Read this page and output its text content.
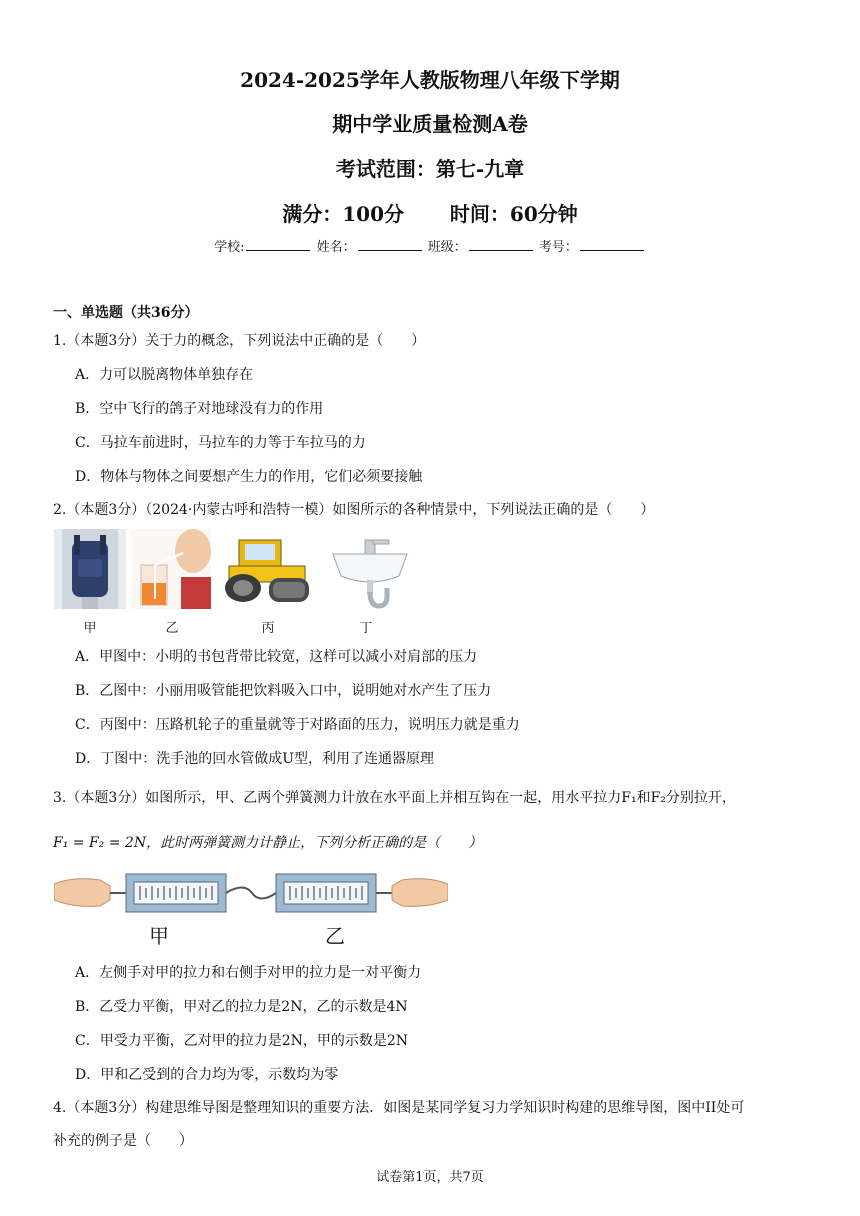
2024-2025学年人教版物理八年级下学期
期中学业质量检测A卷
考试范围：第七-九章
满分：100分 时间：60分钟
学校:	姓名：	班级：	考号：
一、单选题（共36分）
1.（本题3分）关于力的概念，下列说法中正确的是（　　）
A．力可以脱离物体单独存在
B．空中飞行的鸽子对地球没有力的作用
C．马拉车前进时，马拉车的力等于车拉马的力
D．物体与物体之间要想产生力的作用，它们必须要接触
2.（本题3分）（2024·内蒙古呼和浩特一模）如图所示的各种情景中，下列说法正确的是（　　）
甲	乙	丙	丁
A．甲图中：小明的书包背带比较宽，这样可以减小对肩部的压力
B．乙图中：小丽用吸管能把饮料吸入口中，说明她对水产生了压力
C．丙图中：压路机轮子的重量就等于对路面的压力，说明压力就是重力
D．丁图中：洗手池的回水管做成U型，利用了连通器原理
3.（本题3分）如图所示，甲、乙两个弹簧测力计放在水平面上并相互钩在一起，用水平拉力F₁和F₂分别拉开，
F₁ = F₂ = 2N，此时两弹簧测力计静止，下列分析正确的是（　　）
甲	乙
A．左侧手对甲的拉力和右侧手对甲的拉力是一对平衡力
B．乙受力平衡，甲对乙的拉力是2N，乙的示数是4N
C．甲受力平衡，乙对甲的拉力是2N，甲的示数是2N
D．甲和乙受到的合力均为零，示数均为零
4.（本题3分）构建思维导图是整理知识的重要方法．如图是某同学复习力学知识时构建的思维导图，图中II处可
补充的例子是（　　）
试卷第1页，共7页
